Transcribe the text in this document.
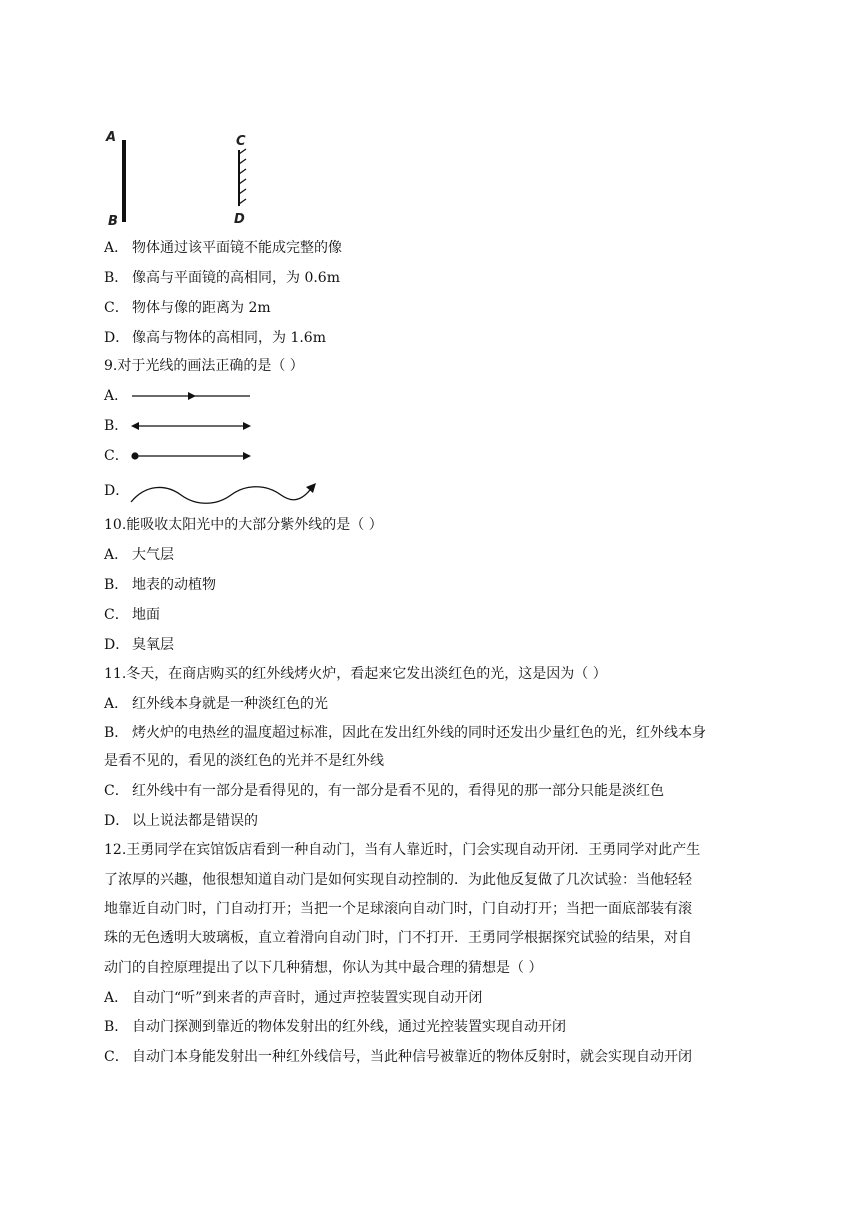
A
B
C
D
A． 物体通过该平面镜不能成完整的像
B． 像高与平面镜的高相同，为 0.6m
C． 物体与像的距离为 2m
D． 像高与物体的高相同，为 1.6m
9.对于光线的画法正确的是（ ）
A．
B．
C．
D．
10.能吸收太阳光中的大部分紫外线的是（ ）
A． 大气层
B． 地表的动植物
C． 地面
D． 臭氧层
11.冬天，在商店购买的红外线烤火炉，看起来它发出淡红色的光，这是因为（ ）
A． 红外线本身就是一种淡红色的光
B． 烤火炉的电热丝的温度超过标准，因此在发出红外线的同时还发出少量红色的光，红外线本身
是看不见的，看见的淡红色的光并不是红外线
C． 红外线中有一部分是看得见的，有一部分是看不见的，看得见的那一部分只能是淡红色
D． 以上说法都是错误的
12.王勇同学在宾馆饭店看到一种自动门，当有人靠近时，门会实现自动开闭．王勇同学对此产生
了浓厚的兴趣，他很想知道自动门是如何实现自动控制的．为此他反复做了几次试验：当他轻轻
地靠近自动门时，门自动打开；当把一个足球滚向自动门时，门自动打开；当把一面底部装有滚
珠的无色透明大玻璃板，直立着滑向自动门时，门不打开．王勇同学根据探究试验的结果，对自
动门的自控原理提出了以下几种猜想，你认为其中最合理的猜想是（ ）
A． 自动门“听”到来者的声音时，通过声控装置实现自动开闭
B． 自动门探测到靠近的物体发射出的红外线，通过光控装置实现自动开闭
C． 自动门本身能发射出一种红外线信号，当此种信号被靠近的物体反射时，就会实现自动开闭
